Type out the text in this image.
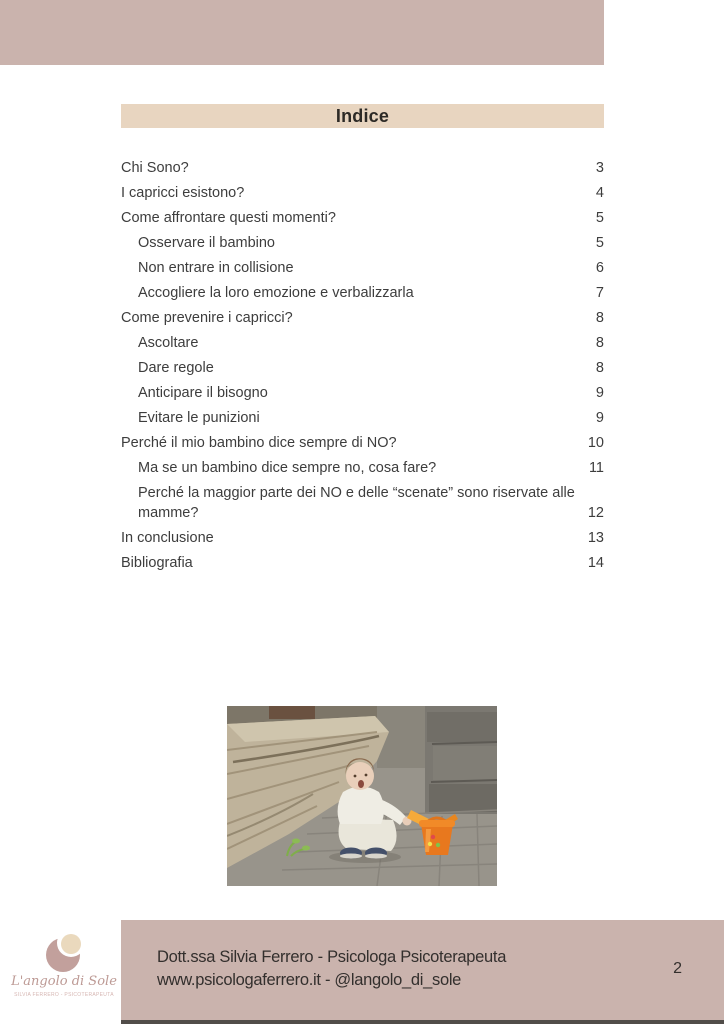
Indice
Chi Sono?	3
I capricci esistono?	4
Come affrontare questi momenti?	5
Osservare il bambino	5
Non entrare in collisione	6
Accogliere la loro emozione e verbalizzarla	7
Come prevenire i capricci?	8
Ascoltare	8
Dare regole	8
Anticipare il bisogno	9
Evitare le punizioni	9
Perché il mio bambino dice sempre di NO?	10
Ma se un bambino dice sempre no, cosa fare?	11
Perché la maggior parte dei NO e delle “scenate” sono riservate alle mamme?	12
In conclusione	13
Bibliografia	14
Dott.ssa Silvia Ferrero - Psicologa Psicoterapeuta
www.psicologaferrero.it - @langolo_di_sole
2
L'angolo di Sole
SILVIA FERRERO - PSICOTERAPEUTA
